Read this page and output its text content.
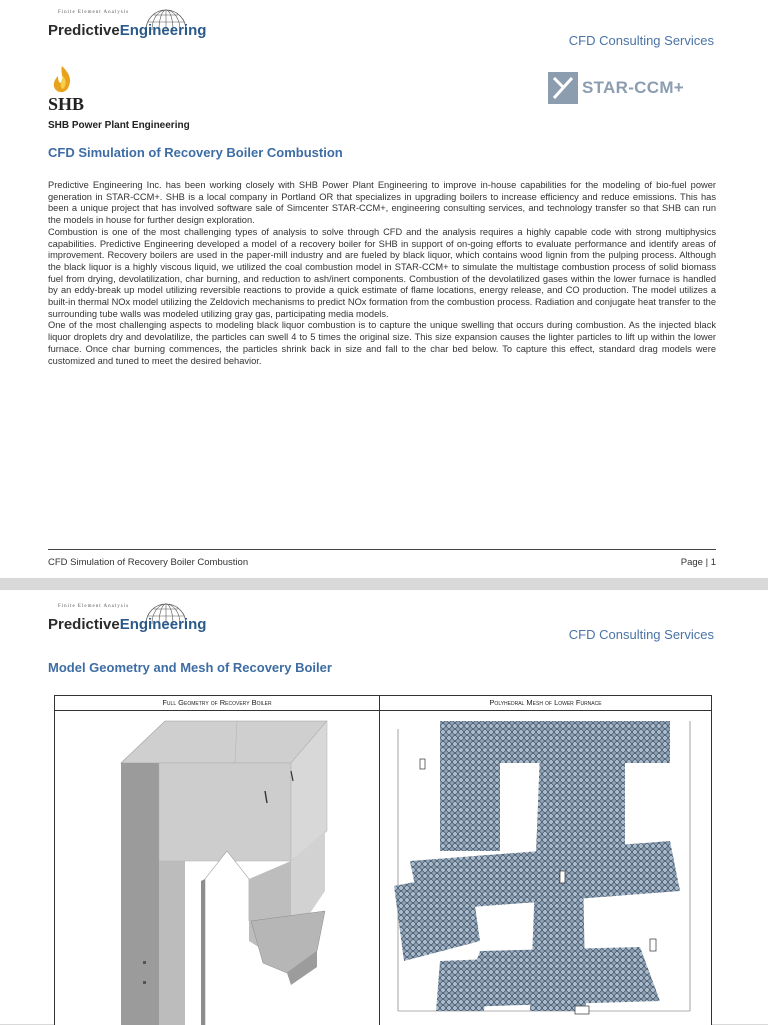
Finite Element Analysis
PredictiveEngineering
CFD Consulting Services
SHB
SHB Power Plant Engineering
STAR-CCM+
CFD Simulation of Recovery Boiler Combustion

Predictive Engineering Inc. has been working closely with SHB Power Plant Engineering to improve in-house capabilities for the modeling of bio-fuel power generation in STAR-CCM+. SHB is a local company in Portland OR that specializes in upgrading boilers to increase efficiency and reduce emissions. This has been a unique project that has involved software sale of Simcenter STAR-CCM+, engineering consulting services, and technology transfer so that SHB can run the models in house for further design exploration.

Combustion is one of the most challenging types of analysis to solve through CFD and the analysis requires a highly capable code with strong multiphysics capabilities. Predictive Engineering developed a model of a recovery boiler for SHB in support of on-going efforts to evaluate performance and identify areas of improvement. Recovery boilers are used in the paper-mill industry and are fueled by black liquor, which contains wood lignin from the pulping process. Although the black liquor is a highly viscous liquid, we utilized the coal combustion model in STAR-CCM+ to simulate the multistage combustion process of solid biomass fuel from drying, devolatilization, char burning, and reduction to ash/inert components. Combustion of the devolatilized gases within the lower furnace is handled by an eddy-break up model utilizing reversible reactions to provide a quick estimate of flame locations, energy release, and CO production. The model utilizes a built-in thermal NOx model utilizing the Zeldovich mechanisms to predict NOx formation from the combustion process. Radiation and conjugate heat transfer to the surrounding tube walls was modeled utilizing gray gas, participating media models.

One of the most challenging aspects to modeling black liquor combustion is to capture the unique swelling that occurs during combustion. As the injected black liquor droplets dry and devolatilize, the particles can swell 4 to 5 times the original size. This size expansion causes the lighter particles to lift up within the lower furnace. Once char burning commences, the particles shrink back in size and fall to the char bed below. To capture this effect, standard drag models were customized and tuned to meet the desired behavior.

CFD Simulation of Recovery Boiler Combustion	Page | 1
Finite Element Analysis
PredictiveEngineering
CFD Consulting Services
Model Geometry and Mesh of Recovery Boiler
Full Geometry of Recovery Boiler	Polyhedral Mesh of Lower Furnace
